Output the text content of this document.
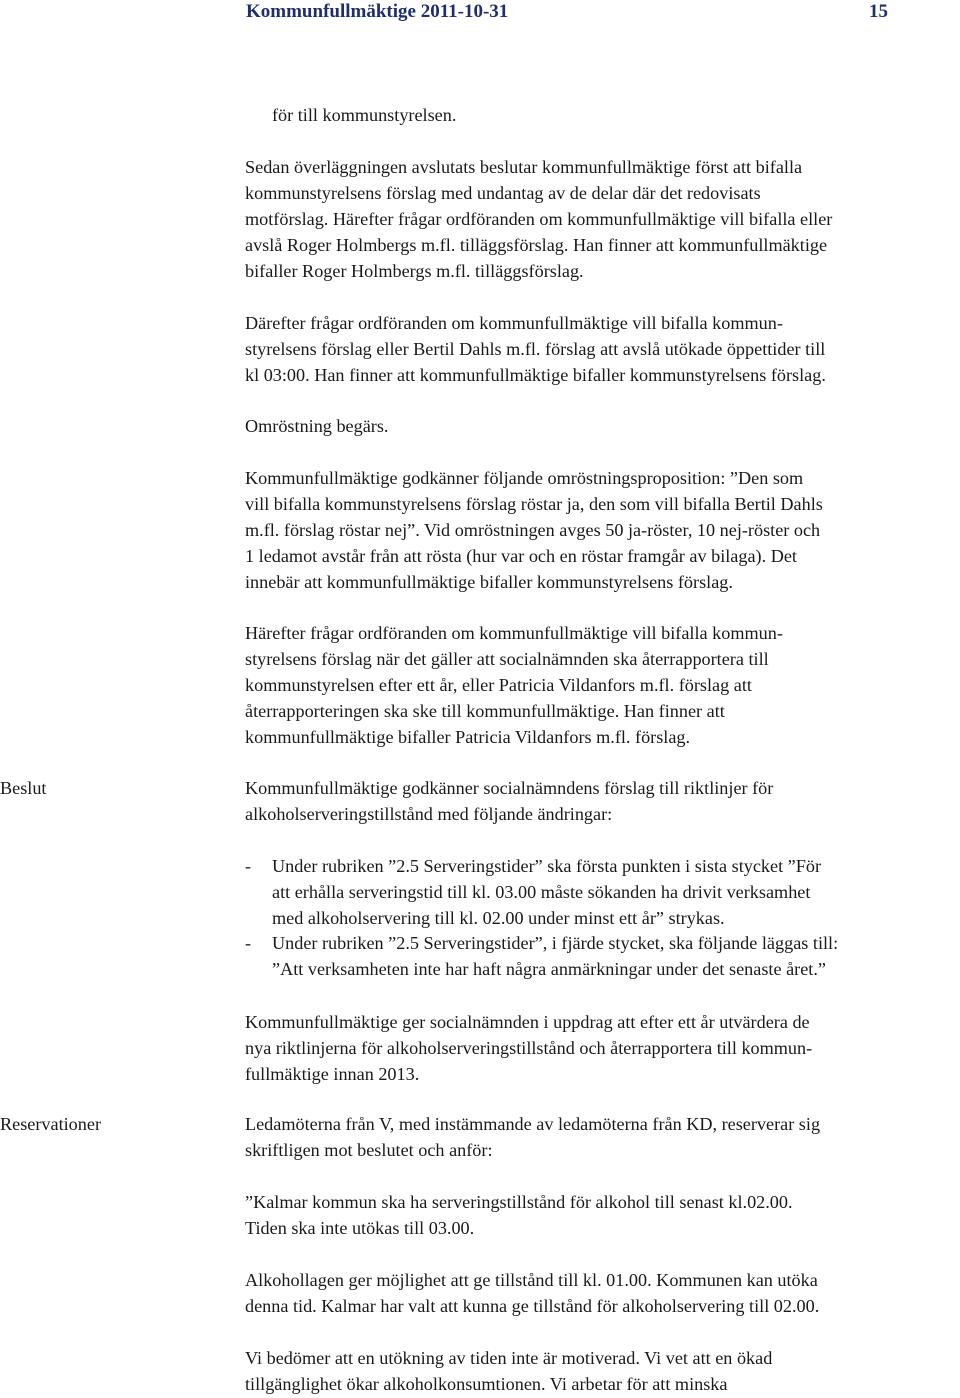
Kommunfullmäktige 2011-10-31	15

för till kommunstyrelsen.

Sedan överläggningen avslutats beslutar kommunfullmäktige först att bifalla
kommunstyrelsens förslag med undantag av de delar där det redovisats
motförslag. Härefter frågar ordföranden om kommunfullmäktige vill bifalla eller
avslå Roger Holmbergs m.fl. tilläggsförslag. Han finner att kommunfullmäktige
bifaller Roger Holmbergs m.fl. tilläggsförslag.

Därefter frågar ordföranden om kommunfullmäktige vill bifalla kommun-
styrelsens förslag eller Bertil Dahls m.fl. förslag att avslå utökade öppettider till
kl 03:00. Han finner att kommunfullmäktige bifaller kommunstyrelsens förslag.

Omröstning begärs.

Kommunfullmäktige godkänner följande omröstningsproposition: ”Den som
vill bifalla kommunstyrelsens förslag röstar ja, den som vill bifalla Bertil Dahls
m.fl. förslag röstar nej”. Vid omröstningen avges 50 ja-röster, 10 nej-röster och
1 ledamot avstår från att rösta (hur var och en röstar framgår av bilaga). Det
innebär att kommunfullmäktige bifaller kommunstyrelsens förslag.

Härefter frågar ordföranden om kommunfullmäktige vill bifalla kommun-
styrelsens förslag när det gäller att socialnämnden ska återrapportera till
kommunstyrelsen efter ett år, eller Patricia Vildanfors m.fl. förslag att
återrapporteringen ska ske till kommunfullmäktige. Han finner att
kommunfullmäktige bifaller Patricia Vildanfors m.fl. förslag.

Beslut	Kommunfullmäktige godkänner socialnämndens förslag till riktlinjer för
alkoholserveringstillstånd med följande ändringar:

- Under rubriken ”2.5 Serveringstider” ska första punkten i sista stycket ”För
att erhålla serveringstid till kl. 03.00 måste sökanden ha drivit verksamhet
med alkoholservering till kl. 02.00 under minst ett år” strykas.

- Under rubriken ”2.5 Serveringstider”, i fjärde stycket, ska följande läggas till:
”Att verksamheten inte har haft några anmärkningar under det senaste året.”

Kommunfullmäktige ger socialnämnden i uppdrag att efter ett år utvärdera de
nya riktlinjerna för alkoholserveringstillstånd och återrapportera till kommun-
fullmäktige innan 2013.

Reservationer	Ledamöterna från V, med instämmande av ledamöterna från KD, reserverar sig
skriftligen mot beslutet och anför:

”Kalmar kommun ska ha serveringstillstånd för alkohol till senast kl.02.00.
Tiden ska inte utökas till 03.00.

Alkohollagen ger möjlighet att ge tillstånd till kl. 01.00. Kommunen kan utöka
denna tid. Kalmar har valt att kunna ge tillstånd för alkoholservering till 02.00.

Vi bedömer att en utökning av tiden inte är motiverad. Vi vet att en ökad
tillgänglighet ökar alkoholkonsumtionen. Vi arbetar för att minska
